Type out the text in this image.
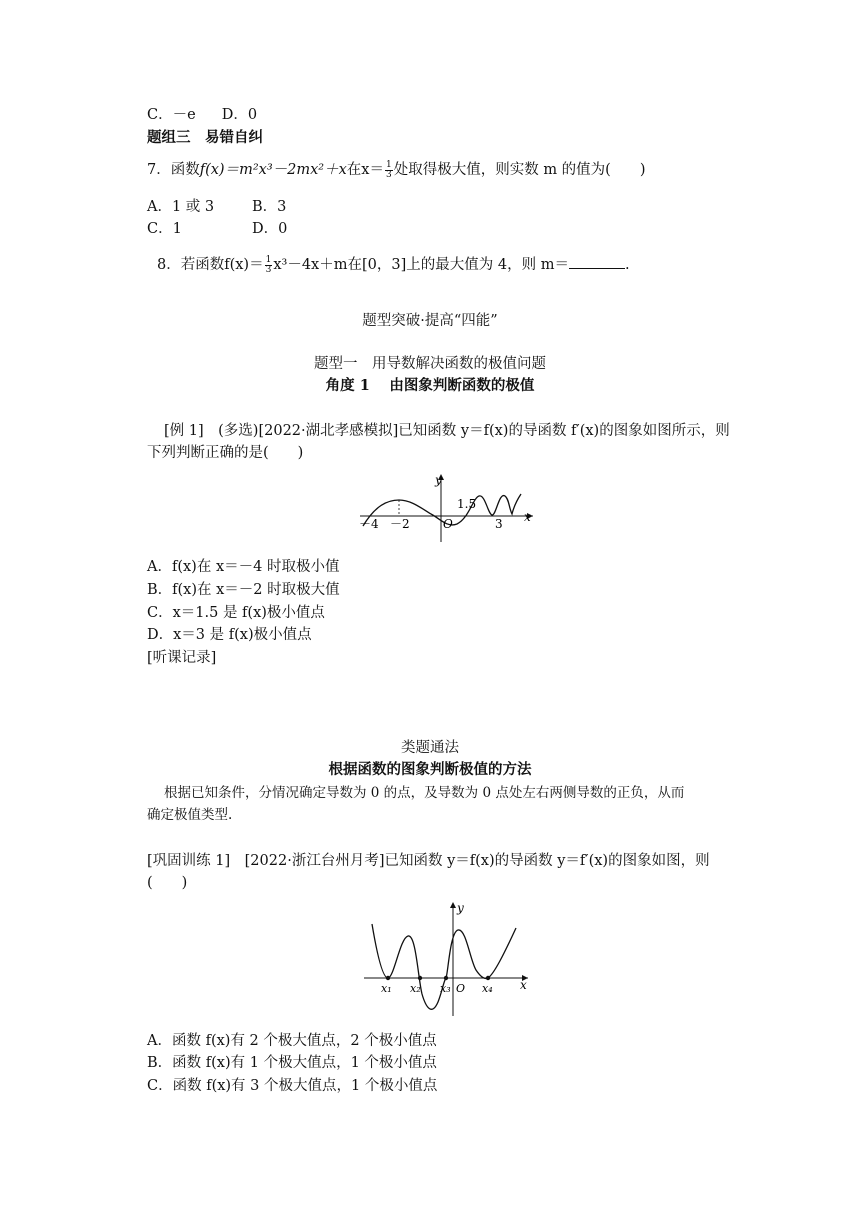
C．－e D．0
题组三　易错自纠
7．函数f(x)＝m²x³－2mx²＋x在$x= \frac{1}{3}$ 处取得极大值，则实数 m 的值为(　　)
A．1 或 3	B．3
C．1	D．0
8．若函数$f(x)= \frac{1}{3} x^3-4x+m$在[0，3]上的最大值为 4，则 m＝	.
题型突破·提高“四能”
题型一　用导数解决函数的极值问题
角度 1　 由图象判断函数的极值
[例 1]　(多选)[2022·湖北孝感模拟]已知函数 y＝f(x)的导函数 f′(x)的图象如图所示，则
下列判断正确的是(　　)
y
x
O
－4 －2
1.5
3
A．f(x)在 x＝－4 时取极小值
B．f(x)在 x＝－2 时取极大值
C．x＝1.5 是 f(x)极小值点
D．x＝3 是 f(x)极小值点
[听课记录]
类题通法
根据函数的图象判断极值的方法
根据已知条件，分情况确定导数为 0 的点，及导数为 0 点处左右两侧导数的正负，从而
确定极值类型.
[巩固训练 1]　[2022·浙江台州月考]已知函数 y＝f(x)的导函数 y＝f′(x)的图象如图，则
(　　)
y
x
O
x₁ x₂ x₃	x₄
A．函数 f(x)有 2 个极大值点，2 个极小值点
B．函数 f(x)有 1 个极大值点，1 个极小值点
C．函数 f(x)有 3 个极大值点，1 个极小值点
